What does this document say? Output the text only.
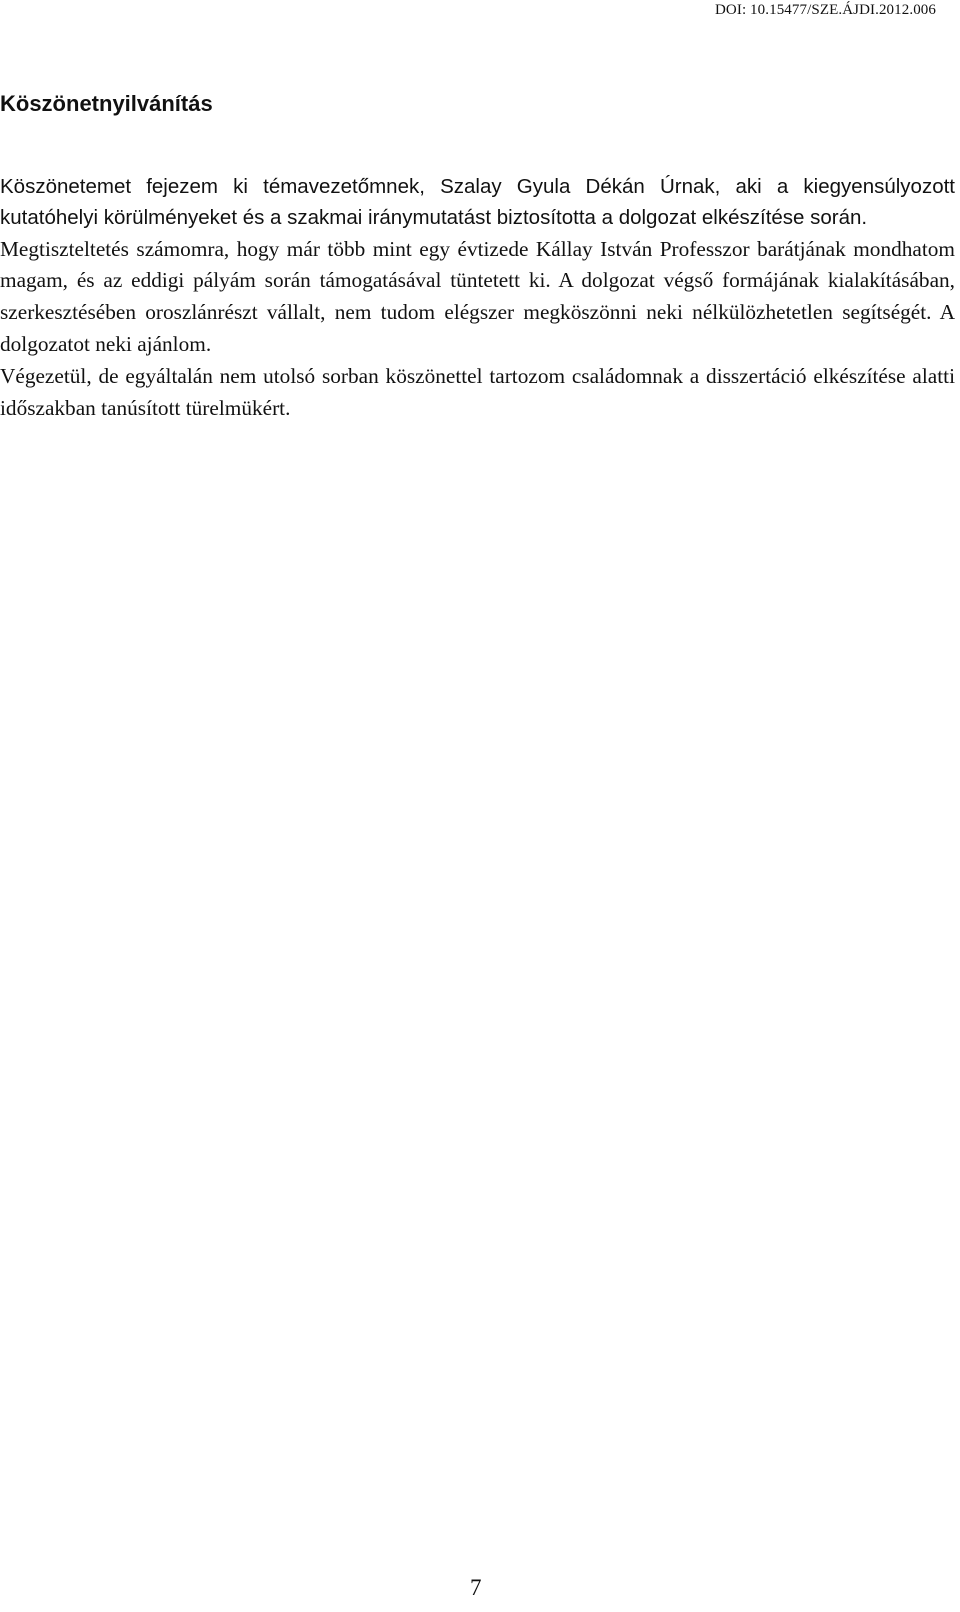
DOI: 10.15477/SZE.ÁJDI.2012.006
Köszönetnyilvánítás

Köszönetemet fejezem ki témavezetőmnek, Szalay Gyula Dékán Úrnak, aki a kiegyensúlyozott kutatóhelyi körülményeket és a szakmai iránymutatást biztosította a dolgozat elkészítése során.

Megtiszteltetés számomra, hogy már több mint egy évtizede Kállay István Professzor barátjának mondhatom magam, és az eddigi pályám során támogatásával tüntetett ki. A dolgozat végső formájának kialakításában, szerkesztésében oroszlánrészt vállalt, nem tudom elégszer megköszönni neki nélkülözhetetlen segítségét. A dolgozatot neki ajánlom.

Végezetül, de egyáltalán nem utolsó sorban köszönettel tartozom családomnak a disszertáció elkészítése alatti időszakban tanúsított türelmükért.

7
